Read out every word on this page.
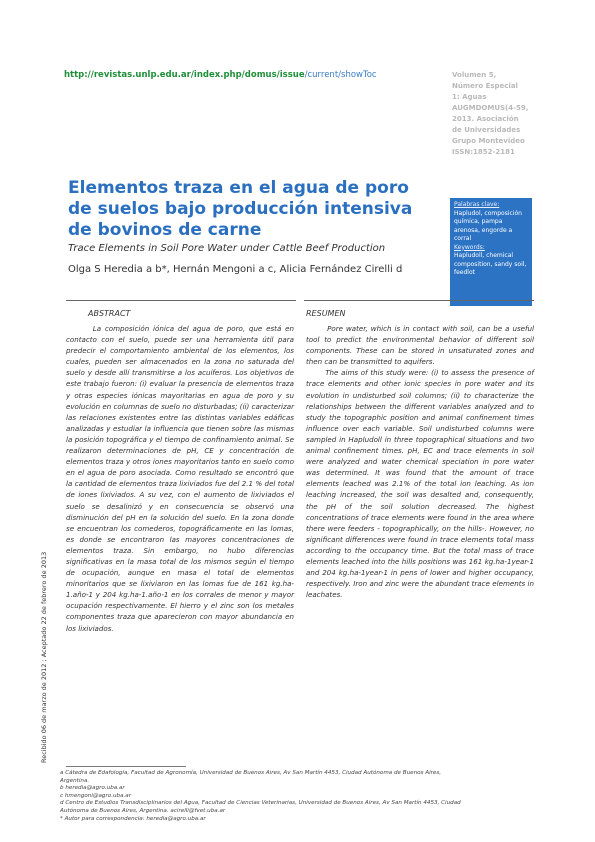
http://revistas.unlp.edu.ar/index.php/domus/issue/current/showToc	Volumen 5,
Número Especial
1: Aguas
AUGMDOMUS(4-59,
2013. Asociación
de Universidades
Grupo Montevideo
ISSN:1852-2181
Elementos traza en el agua de poro de suelos bajo producción intensiva de bovinos de carne
Trace Elements in Soil Pore Water under Cattle Beef Production
Olga S Heredia a b*, Hernán Mengoni a c, Alicia Fernández Cirelli d
Palabras clave:
Hapludol, composición química, pampa arenosa, engorde a corral
Keywords:
Hapludoll, chemical composition, sandy soil, feedlot
ABSTRACT	RESUMEN
La composición iónica del agua de poro, que está en contacto con el suelo, puede ser una herramienta útil para predecir el comportamiento ambiental de los elementos, los cuales, pueden ser almacenados en la zona no saturada del suelo y desde allí transmitirse a los acuíferos. Los objetivos de este trabajo fueron: (i) evaluar la presencia de elementos traza y otras especies iónicas mayoritarias en agua de poro y su evolución en columnas de suelo no disturbadas; (ii) caracterizar las relaciones existentes entre las distintas variables edáficas analizadas y estudiar la influencia que tienen sobre las mismas la posición topográfica y el tiempo de confinamiento animal. Se realizaron determinaciones de pH, CE y concentración de elementos traza y otros iones mayoritarios tanto en suelo como en el agua de poro asociada. Como resultado se encontró que la cantidad de elementos traza lixiviados fue del 2.1 % del total de iones lixiviados. A su vez, con el aumento de lixiviados el suelo se desalinizó y en consecuencia se observó una disminución del pH en la solución del suelo. En la zona donde se encuentran los comederos, topográficamente en las lomas, es donde se encontraron las mayores concentraciones de elementos traza. Sin embargo, no hubo diferencias significativas en la masa total de los mismos según el tiempo de ocupación, aunque en masa el total de elementos minoritarios que se lixiviaron en las lomas fue de 161 kg.ha-1.año-1 y 204 kg.ha-1.año-1 en los corrales de menor y mayor ocupación respectivamente. El hierro y el zinc son los metales componentes traza que aparecieron con mayor abundancia en los lixiviados.
Pore water, which is in contact with soil, can be a useful tool to predict the environmental behavior of different soil components. These can be stored in unsaturated zones and then can be transmitted to aquifers.
The aims of this study were: (i) to assess the presence of trace elements and other ionic species in pore water and its evolution in undisturbed soil columns; (ii) to characterize the relationships between the different variables analyzed and to study the topographic position and animal confinement times influence over each variable. Soil undisturbed columns were sampled in Hapludoll in three topographical situations and two animal confinement times. pH, EC and trace elements in soil were analyzed and water chemical speciation in pore water was determined. It was found that the amount of trace elements leached was 2.1% of the total ion leaching. As ion leaching increased, the soil was desalted and, consequently, the pH of the soil solution decreased. The highest concentrations of trace elements were found in the area where there were feeders - topographically, on the hills-. However, no significant differences were found in trace elements total mass according to the occupancy time. But the total mass of trace elements leached into the hills positions was 161 kg.ha-1year-1 and 204 kg.ha-1year-1 in pens of lower and higher occupancy, respectively. Iron and zinc were the abundant trace elements in leachates.
Recibido 06 de marzo de 2012 ; Aceptado 22 de febrero de 2013
a Cátedra de Edafología, Facultad de Agronomía, Universidad de Buenos Aires, Av San Martín 4453, Ciudad Autónoma de Buenos Aires,
Argentina.
b heredia@agro.uba.ar
c hmengoni@agro.uba.ar
d Centro de Estudios Transdisciplinarios del Agua, Facultad de Ciencias Veterinarias, Universidad de Buenos Aires, Av San Martín 4453, Ciudad
Autónoma de Buenos Aires, Argentina. acirelli@fvet.uba.ar
* Autor para correspondencia: heredia@agro.uba.ar
